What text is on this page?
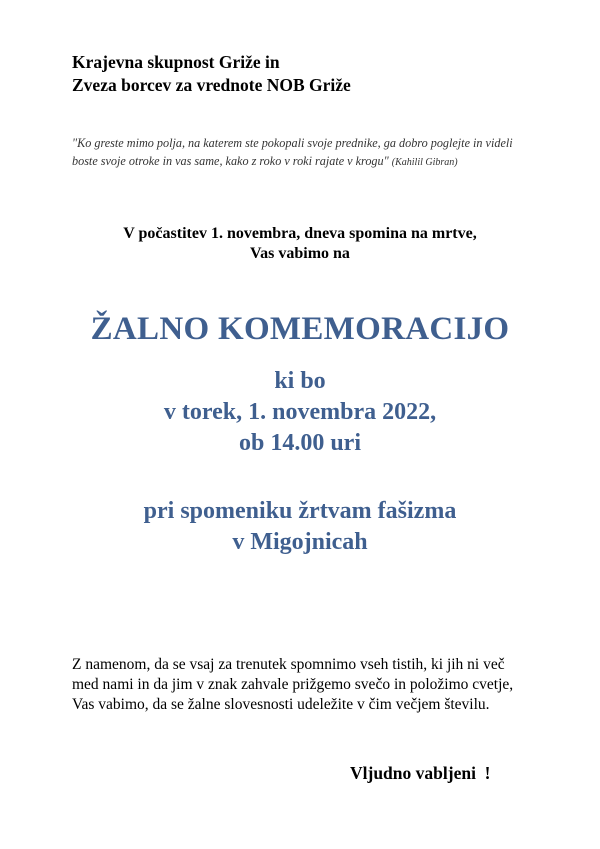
Krajevna skupnost Griže in
Zveza borcev za vrednote NOB Griže
"Ko greste mimo polja, na katerem ste pokopali svoje prednike, ga dobro poglejte in videli boste svoje otroke in vas same, kako z roko v roki rajate v krogu" (Kahilil Gibran)
V počastitev 1. novembra, dneva spomina na mrtve,
Vas vabimo na
ŽALNO KOMEMORACIJO
ki bo
v torek, 1. novembra 2022,
ob 14.00 uri
pri spomeniku žrtvam fašizma
v Migojnicah
Z namenom, da se vsaj za trenutek spomnimo vseh tistih, ki jih ni več med nami in da jim v znak zahvale prižgemo svečo in položimo cvetje, Vas vabimo, da se žalne slovesnosti udeležite v čim večjem številu.
Vljudno vabljeni  !
